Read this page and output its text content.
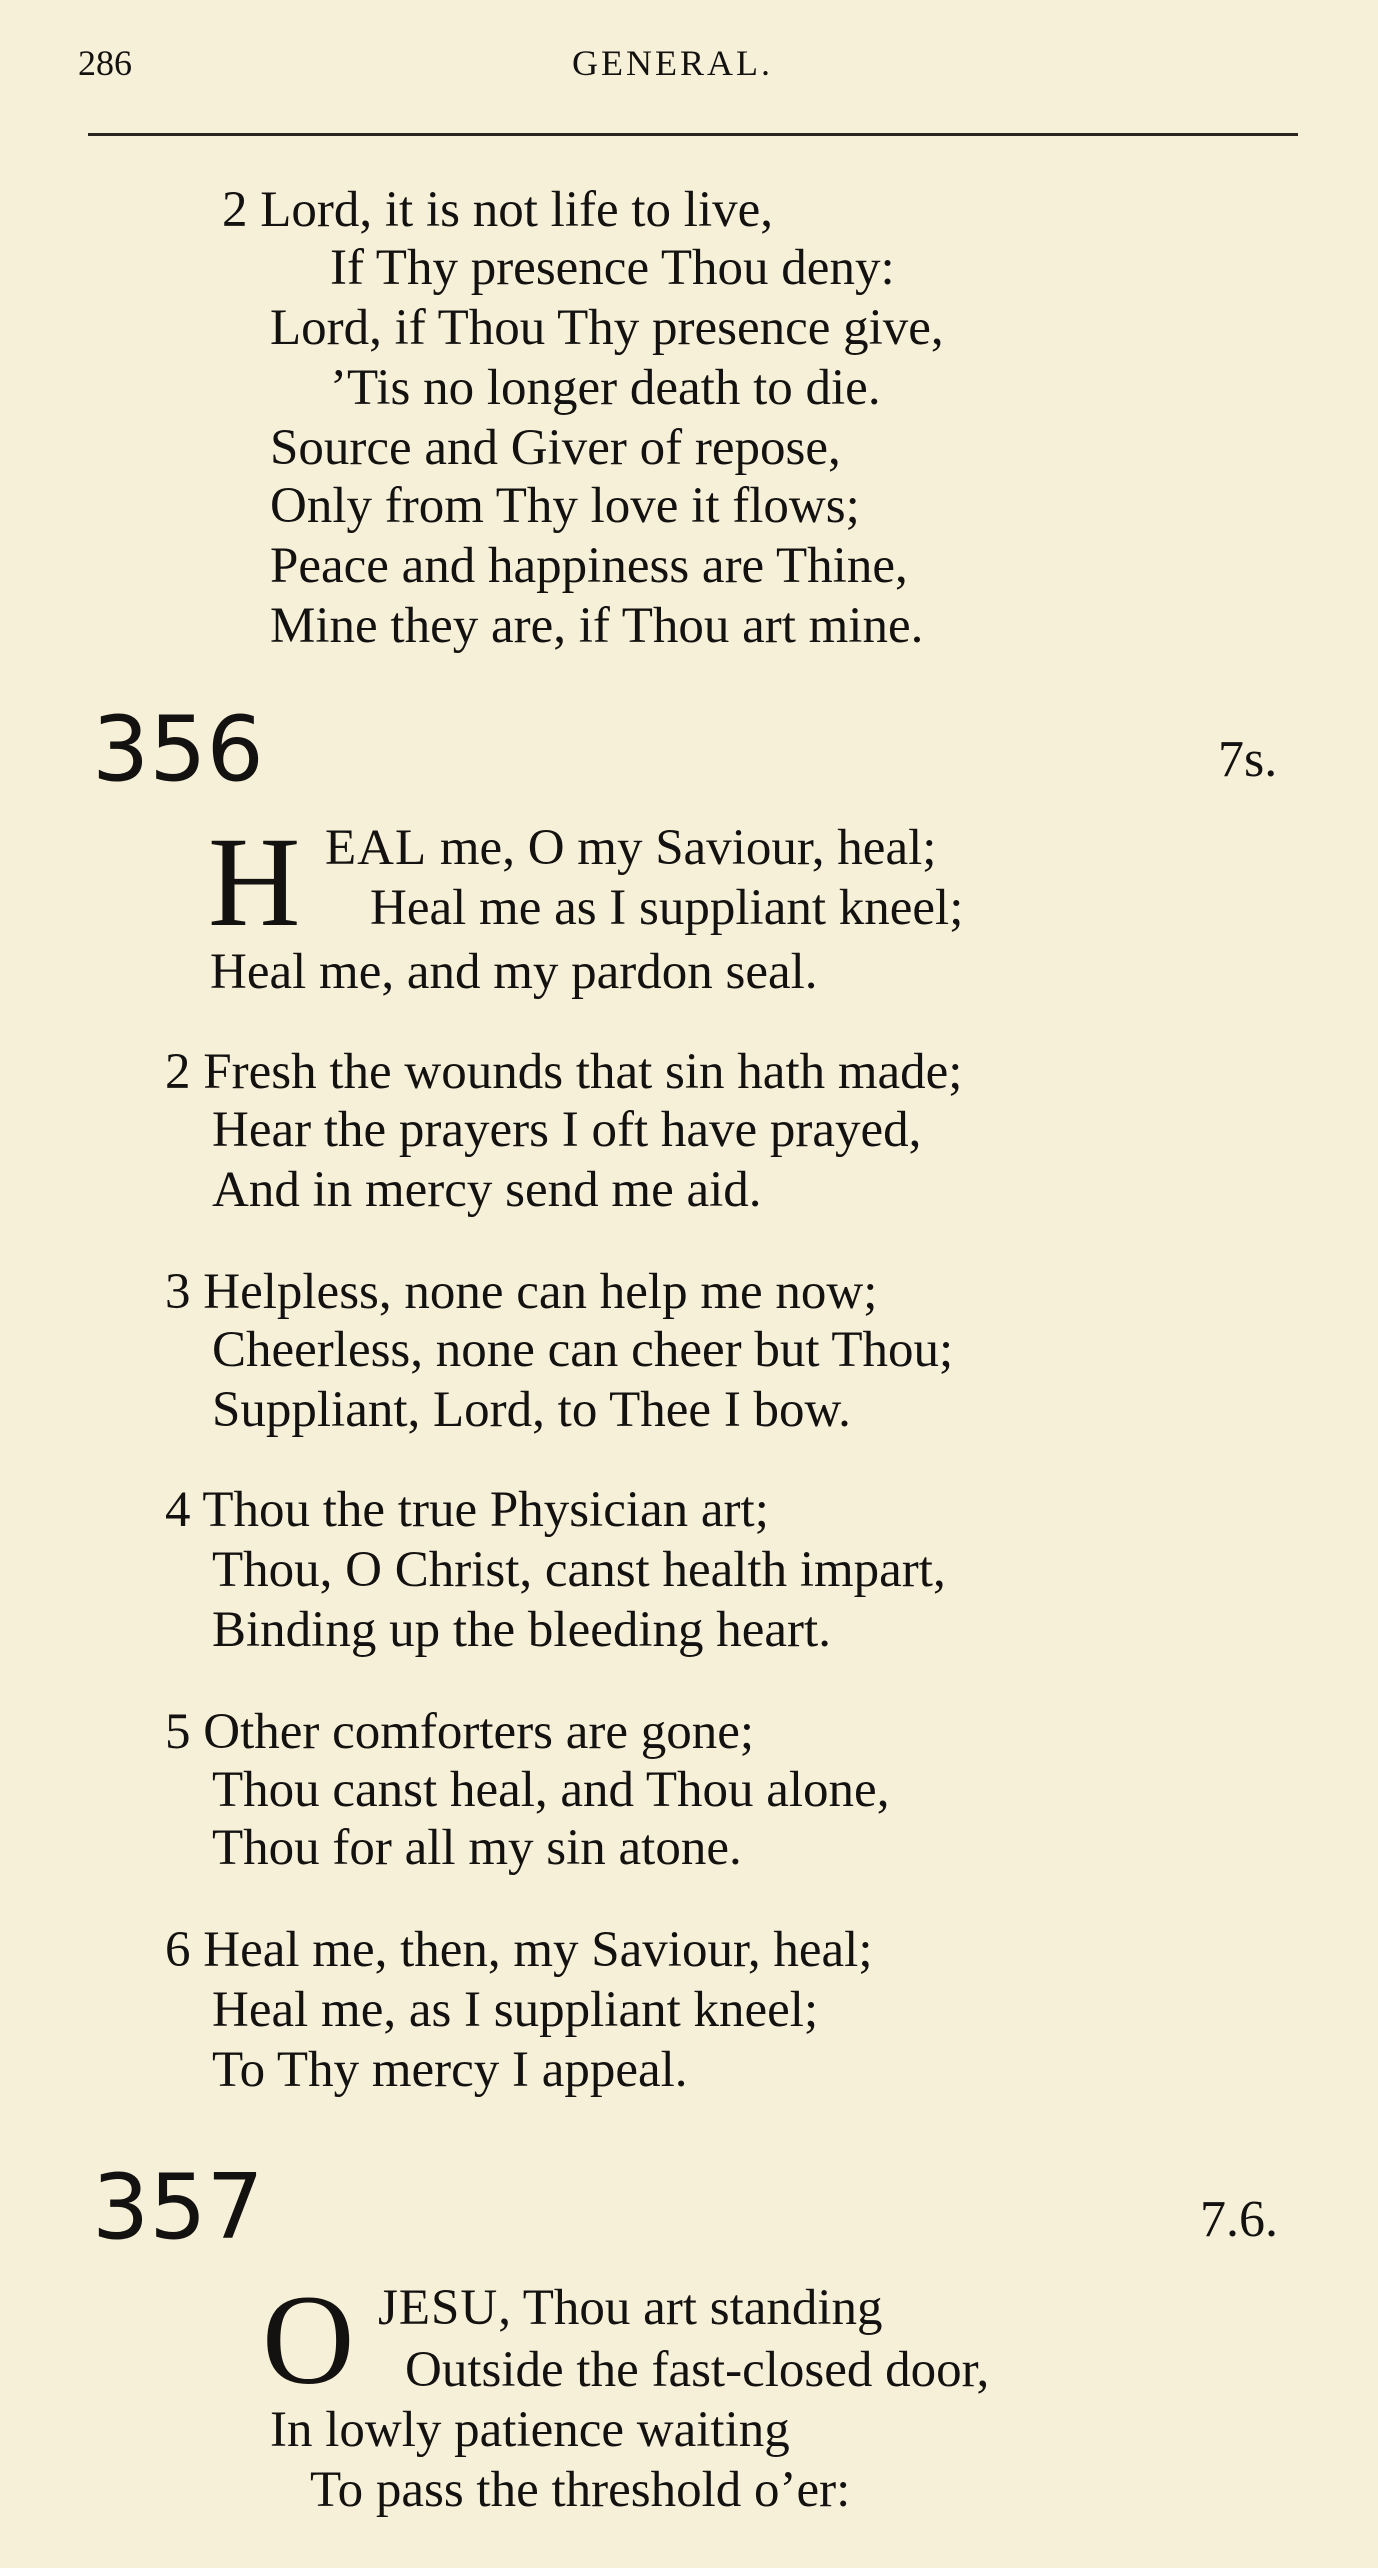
286	GENERAL.
2 Lord, it is not life to live,
If Thy presence Thou deny:
Lord, if Thou Thy presence give,
’Tis no longer death to die.
Source and Giver of repose,
Only from Thy love it flows;
Peace and happiness are Thine,
Mine they are, if Thou art mine.
356	7s.
H EAL me, O my Saviour, heal;
Heal me as I suppliant kneel;
Heal me, and my pardon seal.
2 Fresh the wounds that sin hath made;
Hear the prayers I oft have prayed,
And in mercy send me aid.
3 Helpless, none can help me now;
Cheerless, none can cheer but Thou;
Suppliant, Lord, to Thee I bow.
4 Thou the true Physician art;
Thou, O Christ, canst health impart,
Binding up the bleeding heart.
5 Other comforters are gone;
Thou canst heal, and Thou alone,
Thou for all my sin atone.
6 Heal me, then, my Saviour, heal;
Heal me, as I suppliant kneel;
To Thy mercy I appeal.
357	7.6.
O JESU, Thou art standing
Outside the fast-closed door,
In lowly patience waiting
To pass the threshold o’er:
